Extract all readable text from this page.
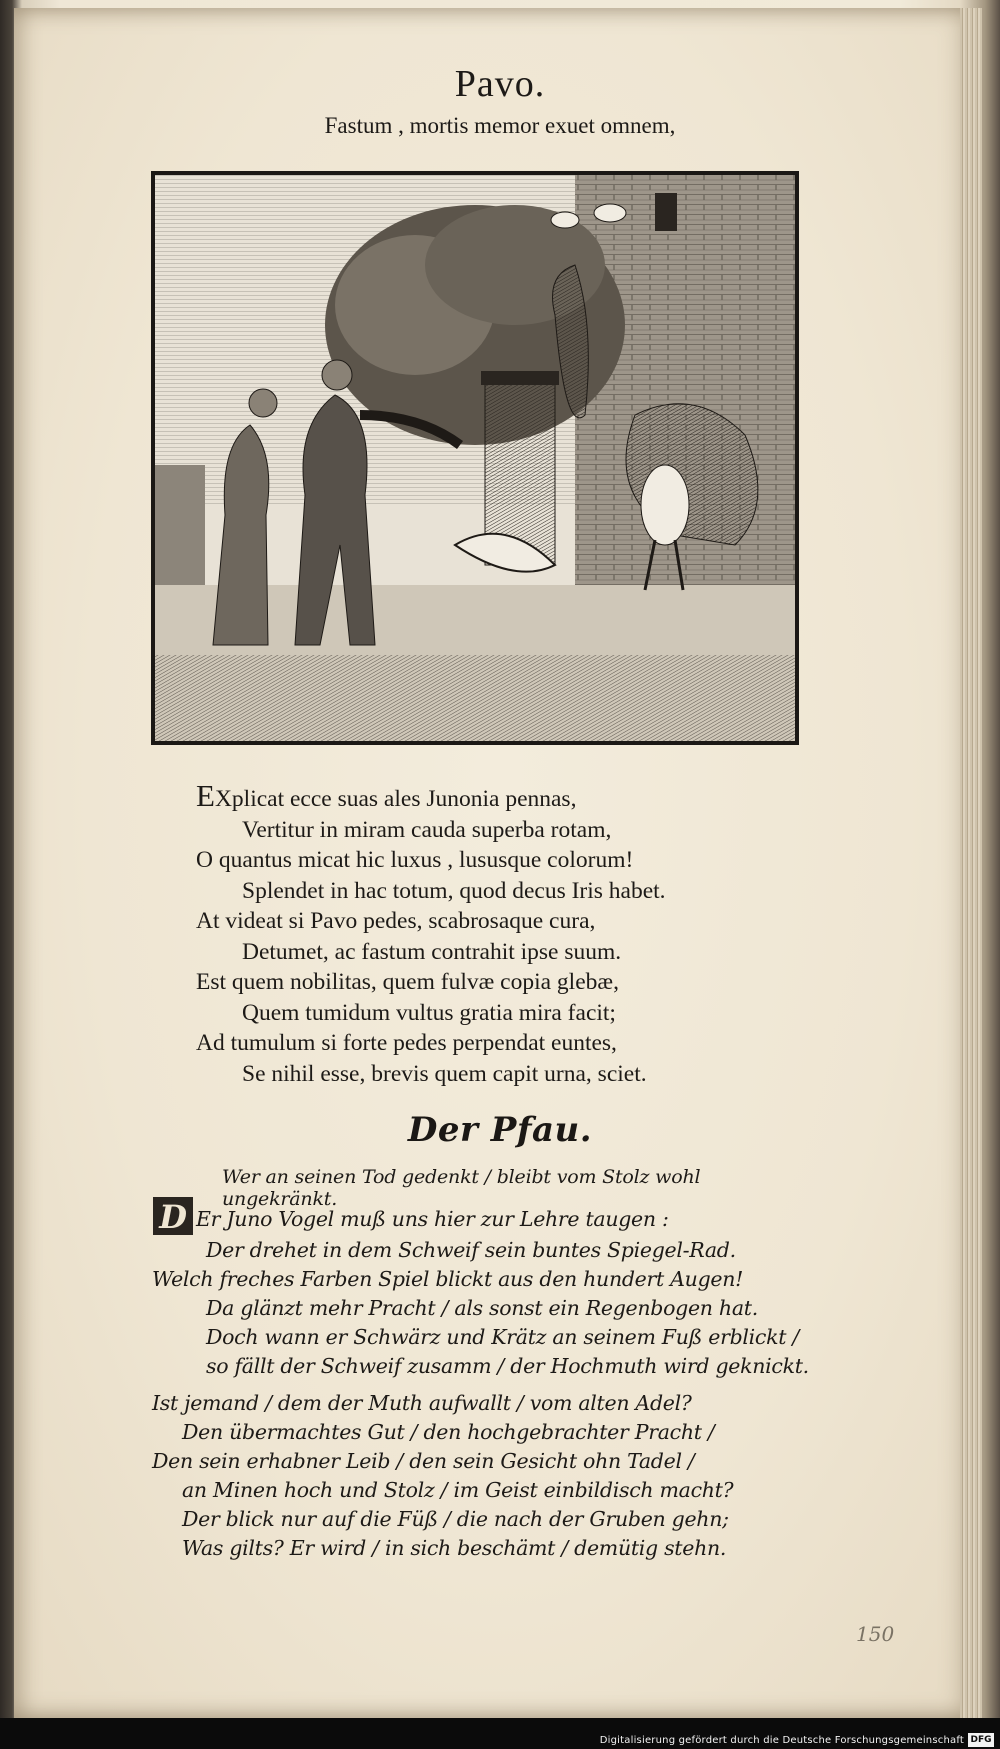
Pavo.
Fastum , mortis memor exuet omnem,
EXplicat ecce suas ales Junonia pennas,
Vertitur in miram cauda superba rotam,
O quantus micat hic luxus , lususque colorum!
Splendet in hac totum, quod decus Iris habet.
At videat si Pavo pedes, scabrosaque cura,
Detumet, ac fastum contrahit ipse suum.
Est quem nobilitas, quem fulvæ copia glebæ,
Quem tumidum vultus gratia mira facit;
Ad tumulum si forte pedes perpendat euntes,
Se nihil esse, brevis quem capit urna, sciet.
Der Pfau.
Wer an seinen Tod gedenkt / bleibt vom Stolz wohl ungekränkt.
D Er Juno Vogel muß uns hier zur Lehre taugen :
Der drehet in dem Schweif sein buntes Spiegel-Rad.
Welch freches Farben Spiel blickt aus den hundert Augen!
Da glänzt mehr Pracht / als sonst ein Regenbogen hat.
Doch wann er Schwärz und Krätz an seinem Fuß erblickt /
so fällt der Schweif zusamm / der Hochmuth wird geknickt.
Ist jemand / dem der Muth aufwallt / vom alten Adel?
Den übermachtes Gut / den hochgebrachter Pracht /
Den sein erhabner Leib / den sein Gesicht ohn Tadel /
an Minen hoch und Stolz / im Geist einbildisch macht?
Der blick nur auf die Füß / die nach der Gruben gehn;
Was gilts? Er wird / in sich beschämt / demütig stehn.
150
Digitalisierung gefördert durch die Deutsche Forschungsgemeinschaft DFG
